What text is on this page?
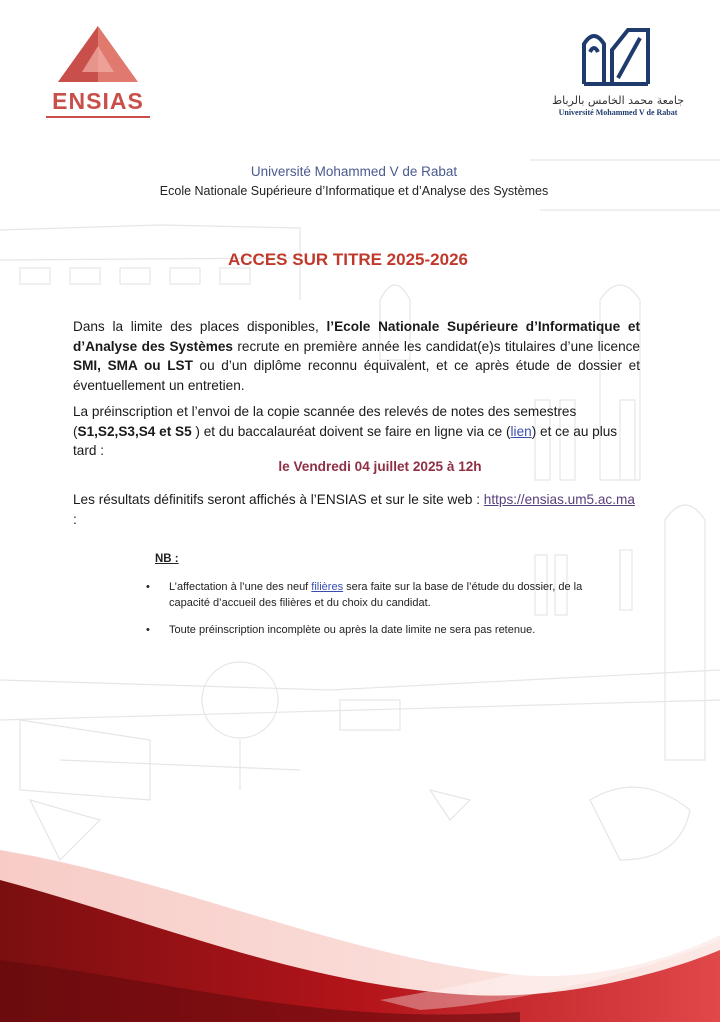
ENSIAS	جامعة محمد الخامس بالرباط
Université Mohammed V de Rabat
Université Mohammed V de Rabat
Ecole Nationale Supérieure d’Informatique et d’Analyse des Systèmes
ACCES SUR TITRE 2025-2026
Dans la limite des places disponibles, l’Ecole Nationale Supérieure d’Informatique et d’Analyse des Systèmes recrute en première année les candidat(e)s titulaires d’une licence SMI, SMA ou LST ou d’un diplôme reconnu équivalent, et ce après étude de dossier et éventuellement un entretien.
La préinscription et l’envoi de la copie scannée des relevés de notes des semestres (S1,S2,S3,S4 et S5 ) et du baccalauréat doivent se faire en ligne via ce (lien) et ce au plus tard :
le Vendredi 04 juillet 2025 à 12h
Les résultats définitifs seront affichés à l’ENSIAS et sur le site web : https://ensias.um5.ac.ma :
NB :
• L’affectation à l’une des neuf filières sera faite sur la base de l’étude du dossier, de la capacité d’accueil des filières et du choix du candidat.
• Toute préinscription incomplète ou après la date limite ne sera pas retenue.
